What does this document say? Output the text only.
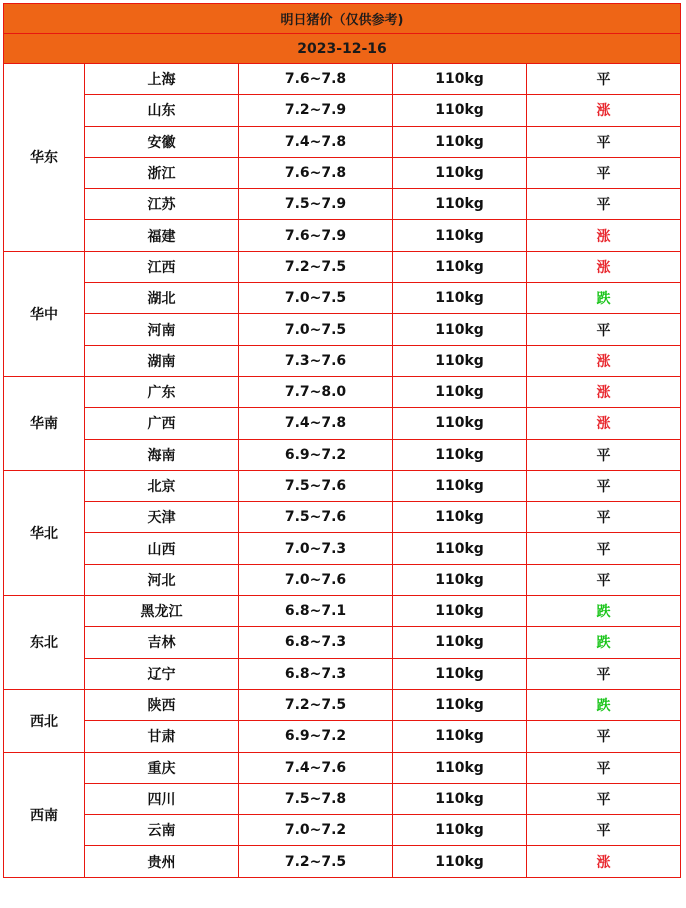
明日猪价（仅供参考)				
2023-12-16				
华东	上海	7.6~7.8	110kg	平
	山东	7.2~7.9	110kg	涨
	安徽	7.4~7.8	110kg	平
	浙江	7.6~7.8	110kg	平
	江苏	7.5~7.9	110kg	平
	福建	7.6~7.9	110kg	涨
华中	江西	7.2~7.5	110kg	涨
	湖北	7.0~7.5	110kg	跌
	河南	7.0~7.5	110kg	平
	湖南	7.3~7.6	110kg	涨
华南	广东	7.7~8.0	110kg	涨
	广西	7.4~7.8	110kg	涨
	海南	6.9~7.2	110kg	平
华北	北京	7.5~7.6	110kg	平
	天津	7.5~7.6	110kg	平
	山西	7.0~7.3	110kg	平
	河北	7.0~7.6	110kg	平
东北	黑龙江	6.8~7.1	110kg	跌
	吉林	6.8~7.3	110kg	跌
	辽宁	6.8~7.3	110kg	平
西北	陕西	7.2~7.5	110kg	跌
	甘肃	6.9~7.2	110kg	平
西南	重庆	7.4~7.6	110kg	平
	四川	7.5~7.8	110kg	平
	云南	7.0~7.2	110kg	平
	贵州	7.2~7.5	110kg	涨
